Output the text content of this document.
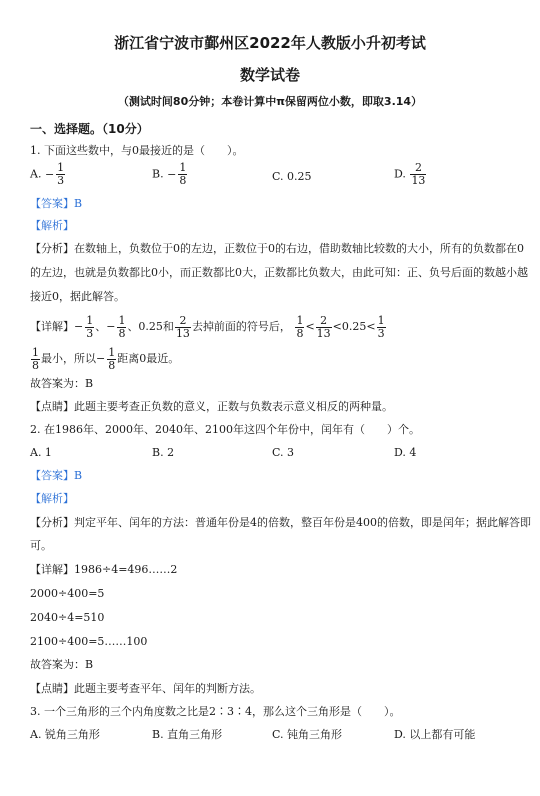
浙江省宁波市鄞州区2022年人教版小升初考试
数学试卷
（测试时间80分钟；本卷计算中π保留两位小数，即取3.14）
一、选择题。（10分）
1. 下面这些数中，与0最接近的是（　　）。
A. − $\frac{1}{3}$	B. − $\frac{1}{8}$	C. 0.25	D. $\frac{2}{13}$
【答案】B
【解析】
【分析】在数轴上，负数位于0的左边，正数位于0的右边，借助数轴比较数的大小，所有的负数都在0
的左边，也就是负数都比0小，而正数都比0大，正数都比负数大，由此可知：正、负号后面的数越小越
接近0，据此解答。
【详解】− $\frac{1}{3}$ 、− $\frac{1}{8}$ 、0.25和 $\frac{2}{13}$ 去掉前面的符号后， $\frac{1}{8} < \frac{2}{13} <0.25< \frac{1}{3}$
$\frac{1}{8}$ 最小，所以− $\frac{1}{8}$ 距离0最近。
故答案为：B
【点睛】此题主要考查正负数的意义，正数与负数表示意义相反的两种量。
2. 在1986年、2000年、2040年、2100年这四个年份中，闰年有（　　）个。
A. 1	B. 2	C. 3	D. 4
【答案】B
【解析】
【分析】判定平年、闰年的方法：普通年份是4的倍数，整百年份是400的倍数，即是闰年；据此解答即
可。
【详解】1986÷4=496……2
2000÷400=5
2040÷4=510
2100÷400=5……100
故答案为：B
【点睛】此题主要考查平年、闰年的判断方法。
3. 一个三角形的三个内角度数之比是2∶3∶4，那么这个三角形是（　　）。
A. 锐角三角形	B. 直角三角形	C. 钝角三角形	D. 以上都有可能
